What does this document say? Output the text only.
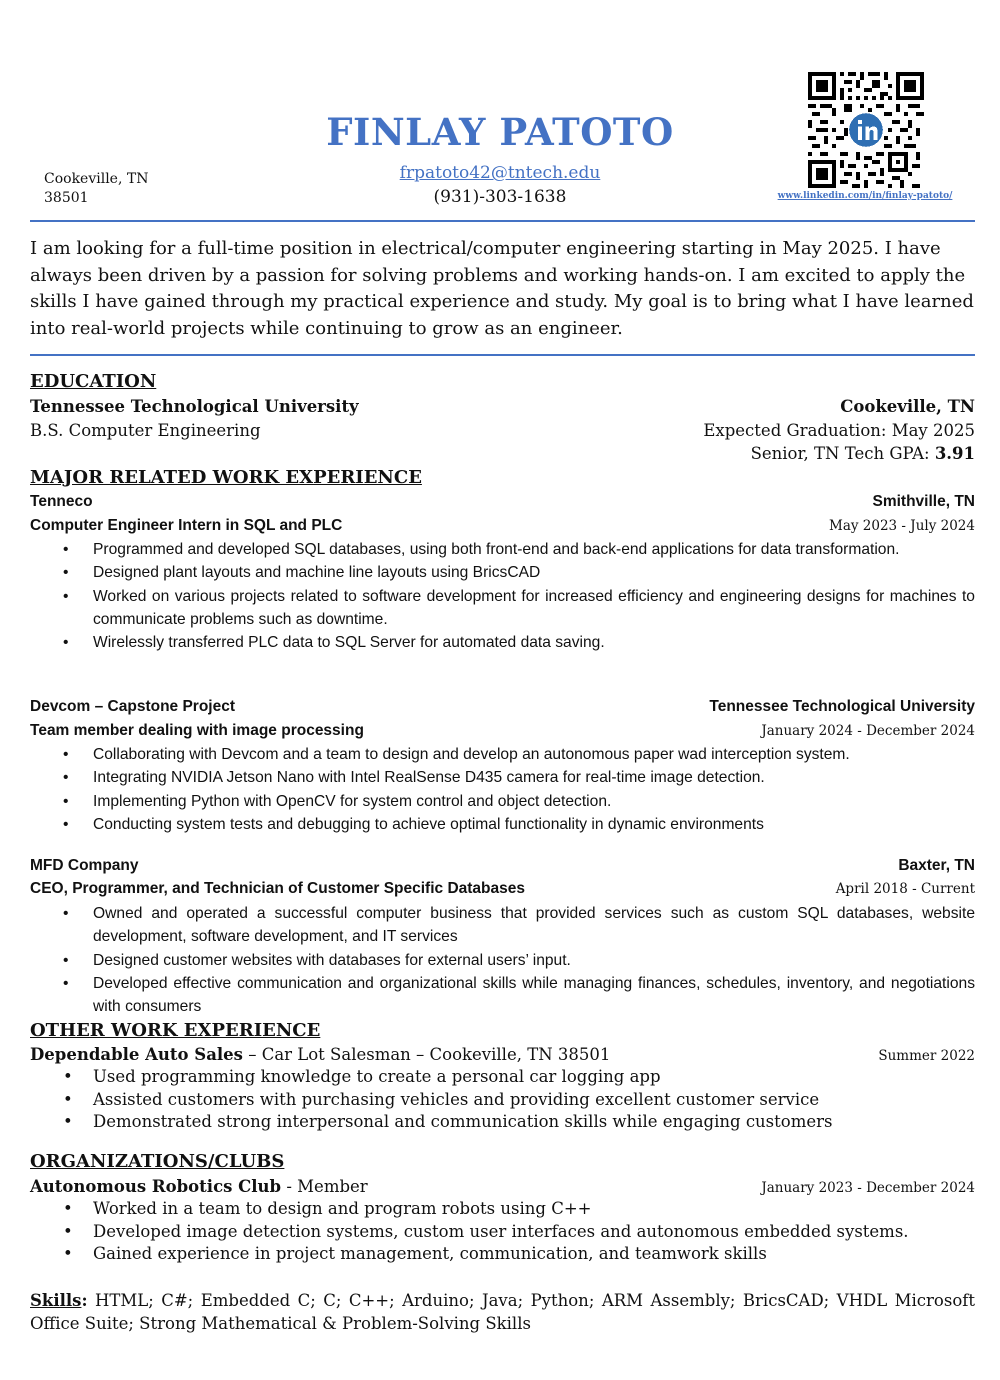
FINLAY PATOTO
frpatoto42@tntech.edu
(931)-303-1638
Cookeville, TN
38501	www.linkedin.com/in/finlay-patoto/
I am looking for a full-time position in electrical/computer engineering starting in May 2025. I have always been driven by a passion for solving problems and working hands-on. I am excited to apply the skills I have gained through my practical experience and study. My goal is to bring what I have learned into real-world projects while continuing to grow as an engineer.
EDUCATION
Tennessee Technological University	Cookeville, TN
B.S. Computer Engineering	Expected Graduation: May 2025
Senior, TN Tech GPA: 3.91
MAJOR RELATED WORK EXPERIENCE
Tenneco	Smithville, TN
Computer Engineer Intern in SQL and PLC	May 2023 - July 2024
• Programmed and developed SQL databases, using both front-end and back-end applications for data transformation.
• Designed plant layouts and machine line layouts using BricsCAD
• Worked on various projects related to software development for increased efficiency and engineering designs for machines to communicate problems such as downtime.
• Wirelessly transferred PLC data to SQL Server for automated data saving.
Devcom – Capstone Project	Tennessee Technological University
Team member dealing with image processing	January 2024 - December 2024
• Collaborating with Devcom and a team to design and develop an autonomous paper wad interception system.
• Integrating NVIDIA Jetson Nano with Intel RealSense D435 camera for real-time image detection.
• Implementing Python with OpenCV for system control and object detection.
• Conducting system tests and debugging to achieve optimal functionality in dynamic environments
MFD Company	Baxter, TN
CEO, Programmer, and Technician of Customer Specific Databases	April 2018 - Current
• Owned and operated a successful computer business that provided services such as custom SQL databases, website development, software development, and IT services
• Designed customer websites with databases for external users’ input.
• Developed effective communication and organizational skills while managing finances, schedules, inventory, and negotiations with consumers
OTHER WORK EXPERIENCE
Dependable Auto Sales – Car Lot Salesman – Cookeville, TN 38501	Summer 2022
• Used programming knowledge to create a personal car logging app
• Assisted customers with purchasing vehicles and providing excellent customer service
• Demonstrated strong interpersonal and communication skills while engaging customers
ORGANIZATIONS/CLUBS
Autonomous Robotics Club - Member	January 2023 - December 2024
• Worked in a team to design and program robots using C++
• Developed image detection systems, custom user interfaces and autonomous embedded systems.
• Gained experience in project management, communication, and teamwork skills
Skills: HTML; C#; Embedded C; C; C++; Arduino; Java; Python; ARM Assembly; BricsCAD; VHDL Microsoft Office Suite; Strong Mathematical & Problem-Solving Skills
